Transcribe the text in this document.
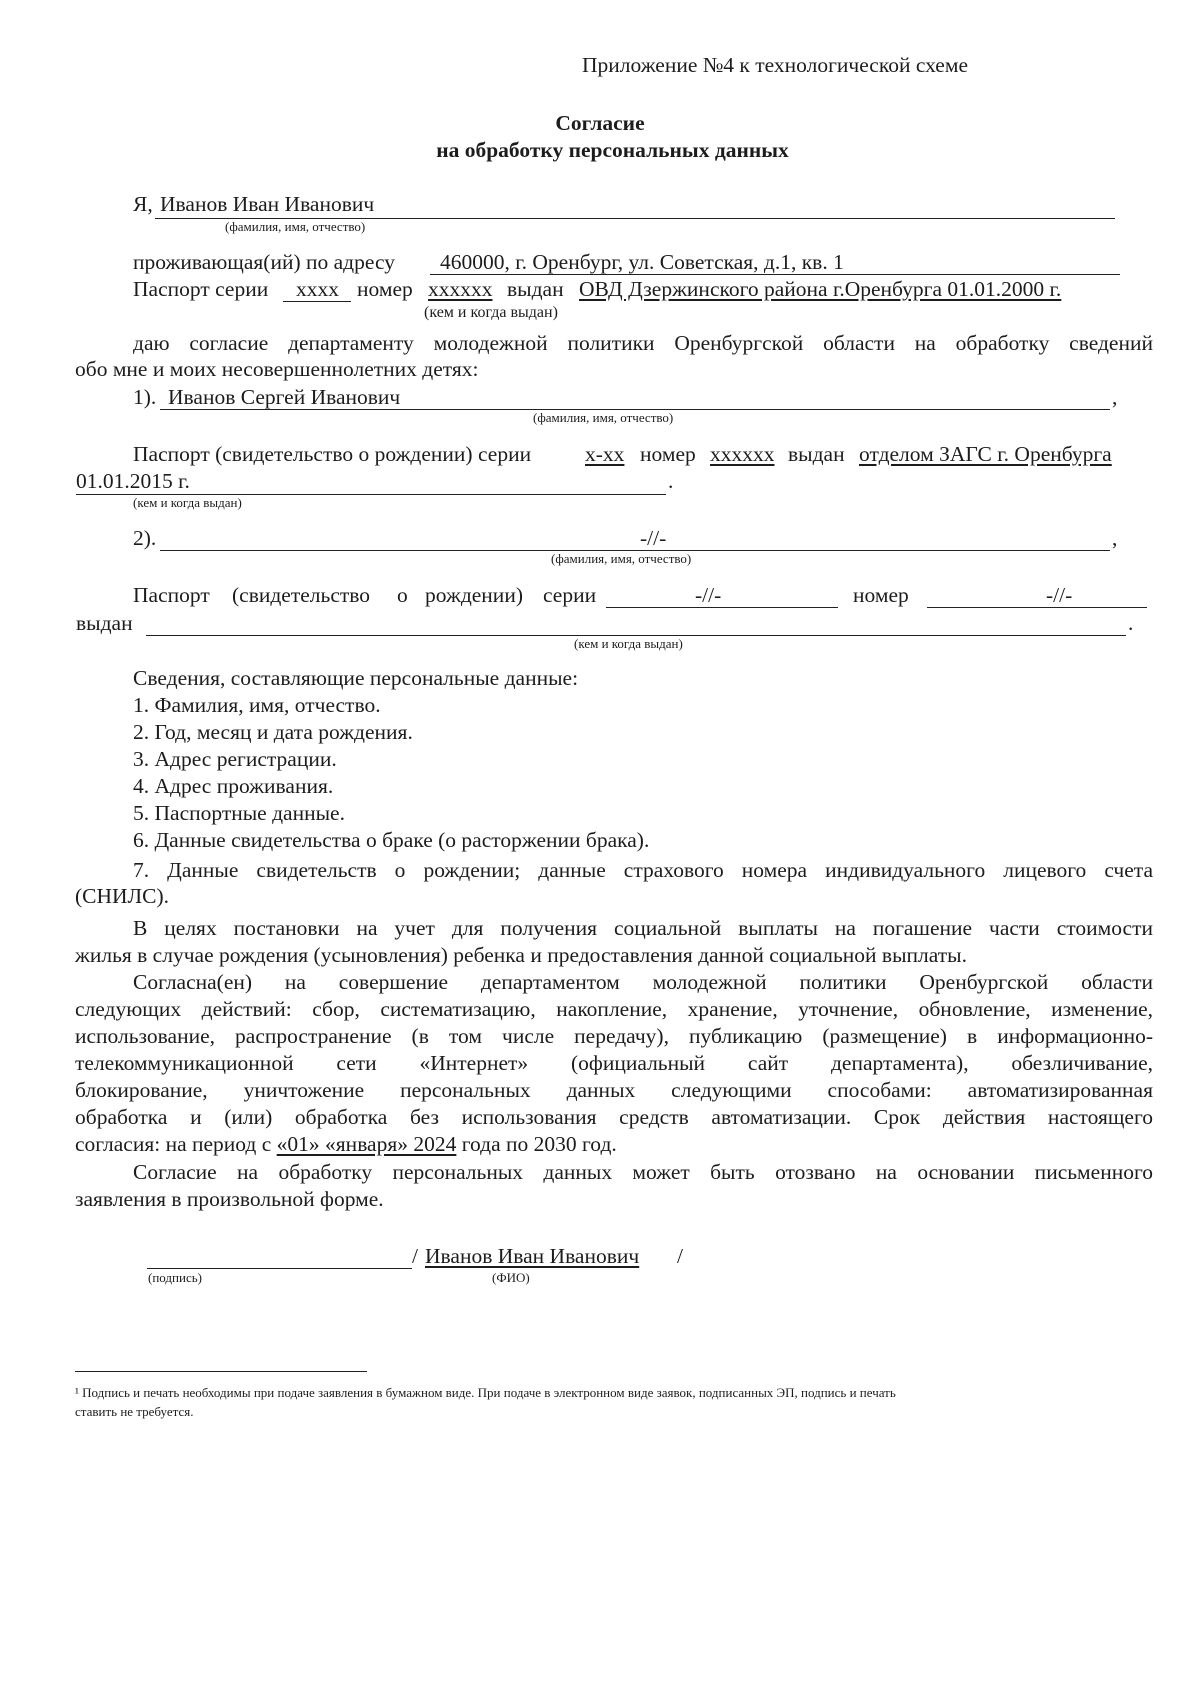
Приложение №4 к технологической схеме
Согласие
на обработку персональных данных
Я, Иванов Иван Иванович
(фамилия, имя, отчество)
проживающая(ий) по адресу 460000, г. Оренбург, ул. Советская, д.1, кв. 1
Паспорт серии хххх номер хххххх выдан ОВД Дзержинского района г.Оренбурга 01.01.2000 г.
(кем и когда выдан)
даю согласие департаменту молодежной политики Оренбургской области на обработку сведений
обо мне и моих несовершеннолетних детях:
1). Иванов Сергей Иванович	,
(фамилия, имя, отчество)
Паспорт (свидетельство о рождении) серии	х-хх номер хххххх выдан отделом ЗАГС г. Оренбурга
01.01.2015 г.	.
(кем и когда выдан)
2).	-//-	,
(фамилия, имя, отчество)
Паспорт (свидетельство о рождении) серии	-//-	номер	-//-
выдан	.
(кем и когда выдан)
Сведения, составляющие персональные данные:
1. Фамилия, имя, отчество.
2. Год, месяц и дата рождения.
3. Адрес регистрации.
4. Адрес проживания.
5. Паспортные данные.
6. Данные свидетельства о браке (о расторжении брака).
7. Данные свидетельств о рождении; данные страхового номера индивидуального лицевого счета
(СНИЛС).
В целях постановки на учет для получения социальной выплаты на погашение части стоимости
жилья в случае рождения (усыновления) ребенка и предоставления данной социальной выплаты.
Согласна(ен) на совершение департаментом молодежной политики Оренбургской области
следующих действий: сбор, систематизацию, накопление, хранение, уточнение, обновление, изменение,
использование, распространение (в том числе передачу), публикацию (размещение) в информационно-
телекоммуникационной сети «Интернет» (официальный сайт департамента), обезличивание,
блокирование, уничтожение персональных данных следующими способами: автоматизированная
обработка и (или) обработка без использования средств автоматизации. Срок действия настоящего
согласия: на период с «01» «января» 2024 года по 2030 год.
Согласие на обработку персональных данных может быть отозвано на основании письменного
заявления в произвольной форме.
/ Иванов Иван Иванович /
(подпись)	(ФИО)
¹ Подпись и печать необходимы при подаче заявления в бумажном виде. При подаче в электронном виде заявок, подписанных ЭП, подпись и печать
ставить не требуется.
